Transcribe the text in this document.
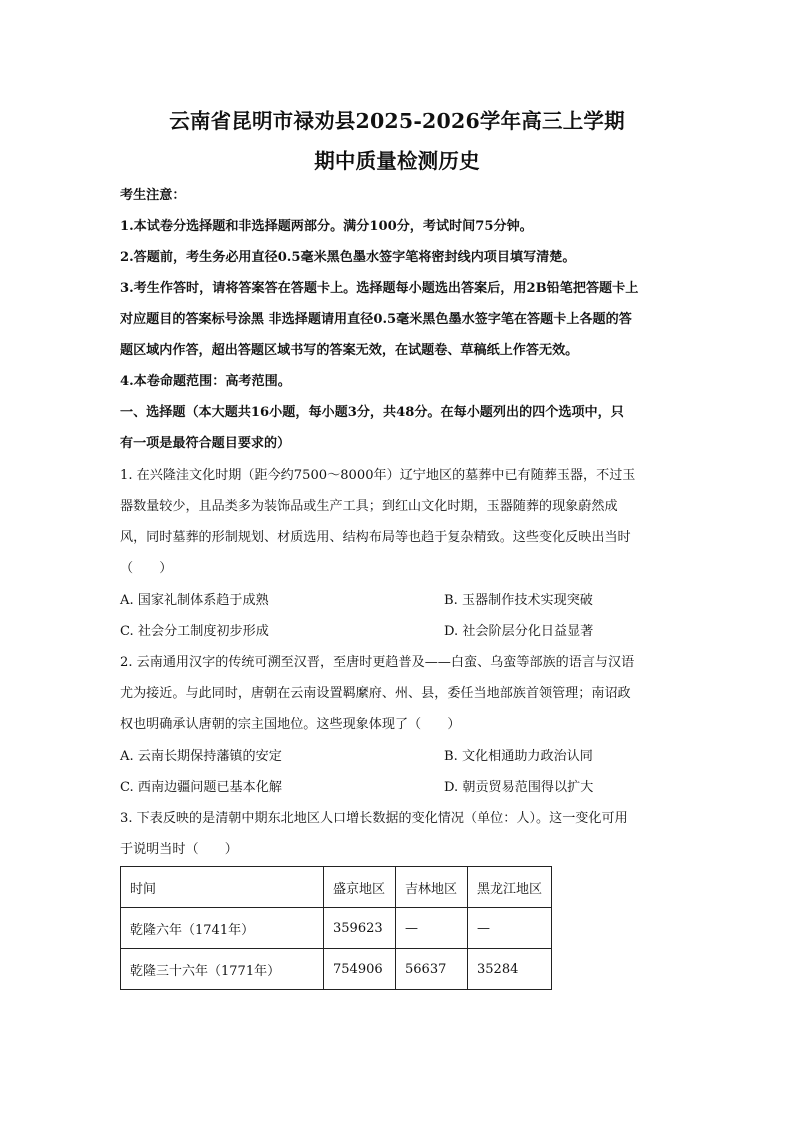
云南省昆明市禄劝县2025-2026学年高三上学期
期中质量检测历史
考生注意：
1.本试卷分选择题和非选择题两部分。满分100分，考试时间75分钟。
2.答题前，考生务必用直径0.5毫米黑色墨水签字笔将密封线内项目填写清楚。
3.考生作答时，请将答案答在答题卡上。选择题每小题选出答案后，用2B铅笔把答题卡上
对应题目的答案标号涂黑 非选择题请用直径0.5毫米黑色墨水签字笔在答题卡上各题的答
题区域内作答，超出答题区域书写的答案无效，在试题卷、草稿纸上作答无效。
4.本卷命题范围：高考范围。
一、选择题（本大题共16小题，每小题3分，共48分。在每小题列出的四个选项中，只
有一项是最符合题目要求的）
1. 在兴隆洼文化时期（距今约7500～8000年）辽宁地区的墓葬中已有随葬玉器，不过玉
器数量较少，且品类多为装饰品或生产工具；到红山文化时期，玉器随葬的现象蔚然成
风，同时墓葬的形制规划、材质选用、结构布局等也趋于复杂精致。这些变化反映出当时
（　　）
A. 国家礼制体系趋于成熟	B. 玉器制作技术实现突破
C. 社会分工制度初步形成	D. 社会阶层分化日益显著
2. 云南通用汉字的传统可溯至汉晋，至唐时更趋普及——白蛮、乌蛮等部族的语言与汉语
尤为接近。与此同时，唐朝在云南设置羁縻府、州、县，委任当地部族首领管理；南诏政
权也明确承认唐朝的宗主国地位。这些现象体现了（　　）
A. 云南长期保持藩镇的安定	B. 文化相通助力政治认同
C. 西南边疆问题已基本化解	D. 朝贡贸易范围得以扩大
3. 下表反映的是清朝中期东北地区人口增长数据的变化情况（单位：人）。这一变化可用
于说明当时（　　）
时间	盛京地区	吉林地区	黑龙江地区
乾隆六年（1741年）	359623	—	—
乾隆三十六年（1771年）	754906	56637	35284
